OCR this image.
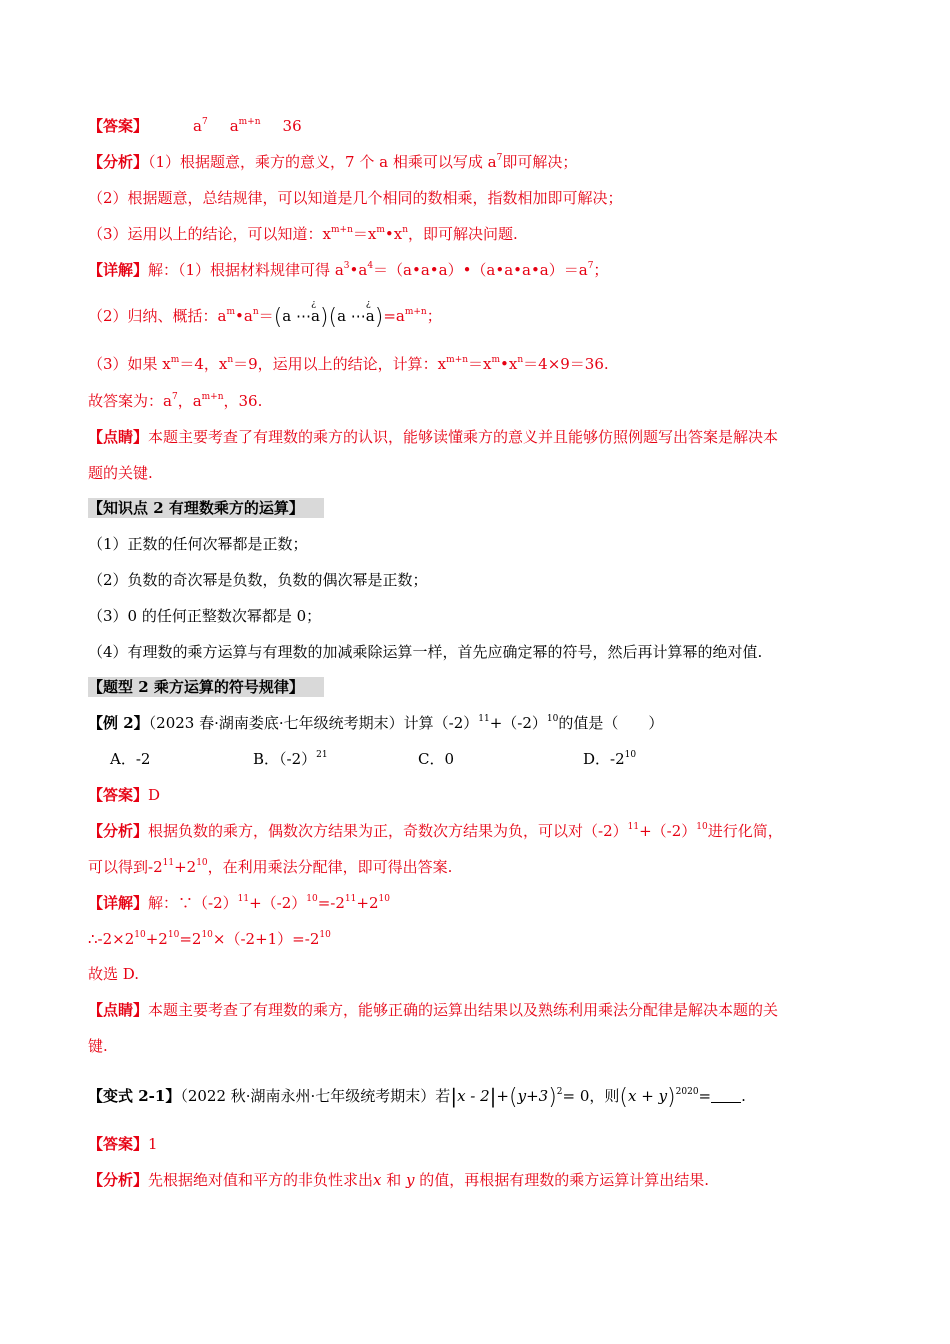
【答案】	$a^7$ $a^{m+n}$ 36
【分析】（1）根据题意，乘方的意义，7 个 a 相乘可以写成 $a^7$即可解决；
（2）根据题意，总结规律，可以知道是几个相同的数相乘，指数相加即可解决；
（3）运用以上的结论，可以知道：$x^{m+n}=x^m•x^n$，即可解决问题.
【详解】解：（1）根据材料规律可得 $a^3•a^4=(a•a•a)•(a•a•a•a)=a^7$；
（2）归纳、概括：$a^m•a^n=(a$ ⋯a
¿
)(a ⋯a
¿
)$=a^{m+n}$；
（3）如果 $x^m=4$，$x^n=9$，运用以上的结论，计算：$x^{m+n}=x^m•x^n=4\times 9=36$.
故答案为：$a^7$，$a^{m+n}$，36.
【点睛】本题主要考查了有理数的乘方的认识，能够读懂乘方的意义并且能够仿照例题写出答案是解决本
题的关键.
【知识点 2 有理数乘方的运算】
（1）正数的任何次幂都是正数；
（2）负数的奇次幂是负数，负数的偶次幂是正数；
（3）0 的任何正整数次幂都是 0；
（4）有理数的乘方运算与有理数的加减乘除运算一样，首先应确定幂的符号，然后再计算幂的绝对值.
【题型 2 乘方运算的符号规律】
【例 2】（2023 春·湖南娄底·七年级统考期末）计算$(-2)^{11}+(-2)^{10}$的值是（　　）
A．-2	B．$(-2)^{21}$	C．0	D．$-2^{10}$
【答案】D
【分析】根据负数的乘方，偶数次方结果为正，奇数次方结果为负，可以对$(-2)^{11}+(-2)^{10}$进行化简，
可以得到$-2^{11}+2^{10}$，在利用乘法分配律，即可得出答案.
【详解】解：$\because(-2)^{11}+(-2)^{10}=-2^{11}+2^{10}$
$\therefore-2\times 2^{10}+2^{10}=2^{10}\times(-2+1)=-2^{10}$
故选 D.
【点睛】本题主要考查了有理数的乘方，能够正确的运算出结果以及熟练利用乘法分配律是解决本题的关
键.
【变式 2-1】（2022 秋·湖南永州·七年级统考期末）若$|x - 2|+(y+3)^2= 0$，则$(x + y)^{2020}=$ .
【答案】1
【分析】先根据绝对值和平方的非负性求出x 和 y 的值，再根据有理数的乘方运算计算出结果.
